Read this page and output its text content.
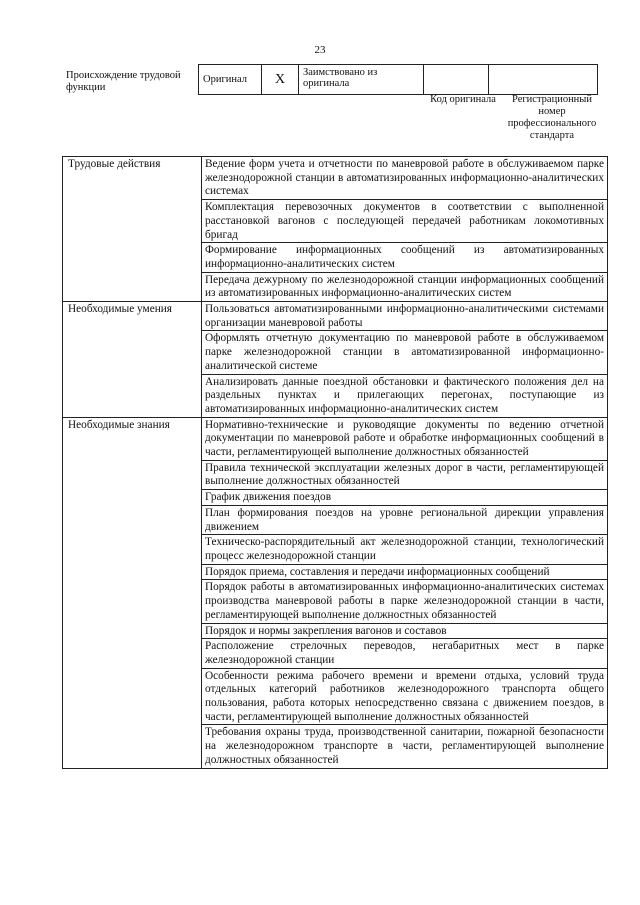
23
Происхождение трудовой функции
Оригинал	X	Заимствовано из оригинала		
Код оригинала	Регистрационный номер профессионального стандарта
Трудовые действия	Ведение форм учета и отчетности по маневровой работе в обслуживаемом парке железнодорожной станции в автоматизированных информационно-аналитических системах
	Комплектация перевозочных документов в соответствии с выполненной расстановкой вагонов с последующей передачей работникам локомотивных бригад
	Формирование информационных сообщений из автоматизированных информационно-аналитических систем
	Передача дежурному по железнодорожной станции информационных сообщений из автоматизированных информационно-аналитических систем
Необходимые умения	Пользоваться автоматизированными информационно-аналитическими системами организации маневровой работы
	Оформлять отчетную документацию по маневровой работе в обслуживаемом парке железнодорожной станции в автоматизированной информационно-аналитической системе
	Анализировать данные поездной обстановки и фактического положения дел на раздельных пунктах и прилегающих перегонах, поступающие из автоматизированных информационно-аналитических систем
Необходимые знания	Нормативно-технические и руководящие документы по ведению отчетной документации по маневровой работе и обработке информационных сообщений в части, регламентирующей выполнение должностных обязанностей
	Правила технической эксплуатации железных дорог в части, регламентирующей выполнение должностных обязанностей
	График движения поездов
	План формирования поездов на уровне региональной дирекции управления движением
	Техническо-распорядительный акт железнодорожной станции, технологический процесс железнодорожной станции
	Порядок приема, составления и передачи информационных сообщений
	Порядок работы в автоматизированных информационно-аналитических системах производства маневровой работы в парке железнодорожной станции в части, регламентирующей выполнение должностных обязанностей
	Порядок и нормы закрепления вагонов и составов
	Расположение стрелочных переводов, негабаритных мест в парке железнодорожной станции
	Особенности режима рабочего времени и времени отдыха, условий труда отдельных категорий работников железнодорожного транспорта общего пользования, работа которых непосредственно связана с движением поездов, в части, регламентирующей выполнение должностных обязанностей
	Требования охраны труда, производственной санитарии, пожарной безопасности на железнодорожном транспорте в части, регламентирующей выполнение должностных обязанностей
